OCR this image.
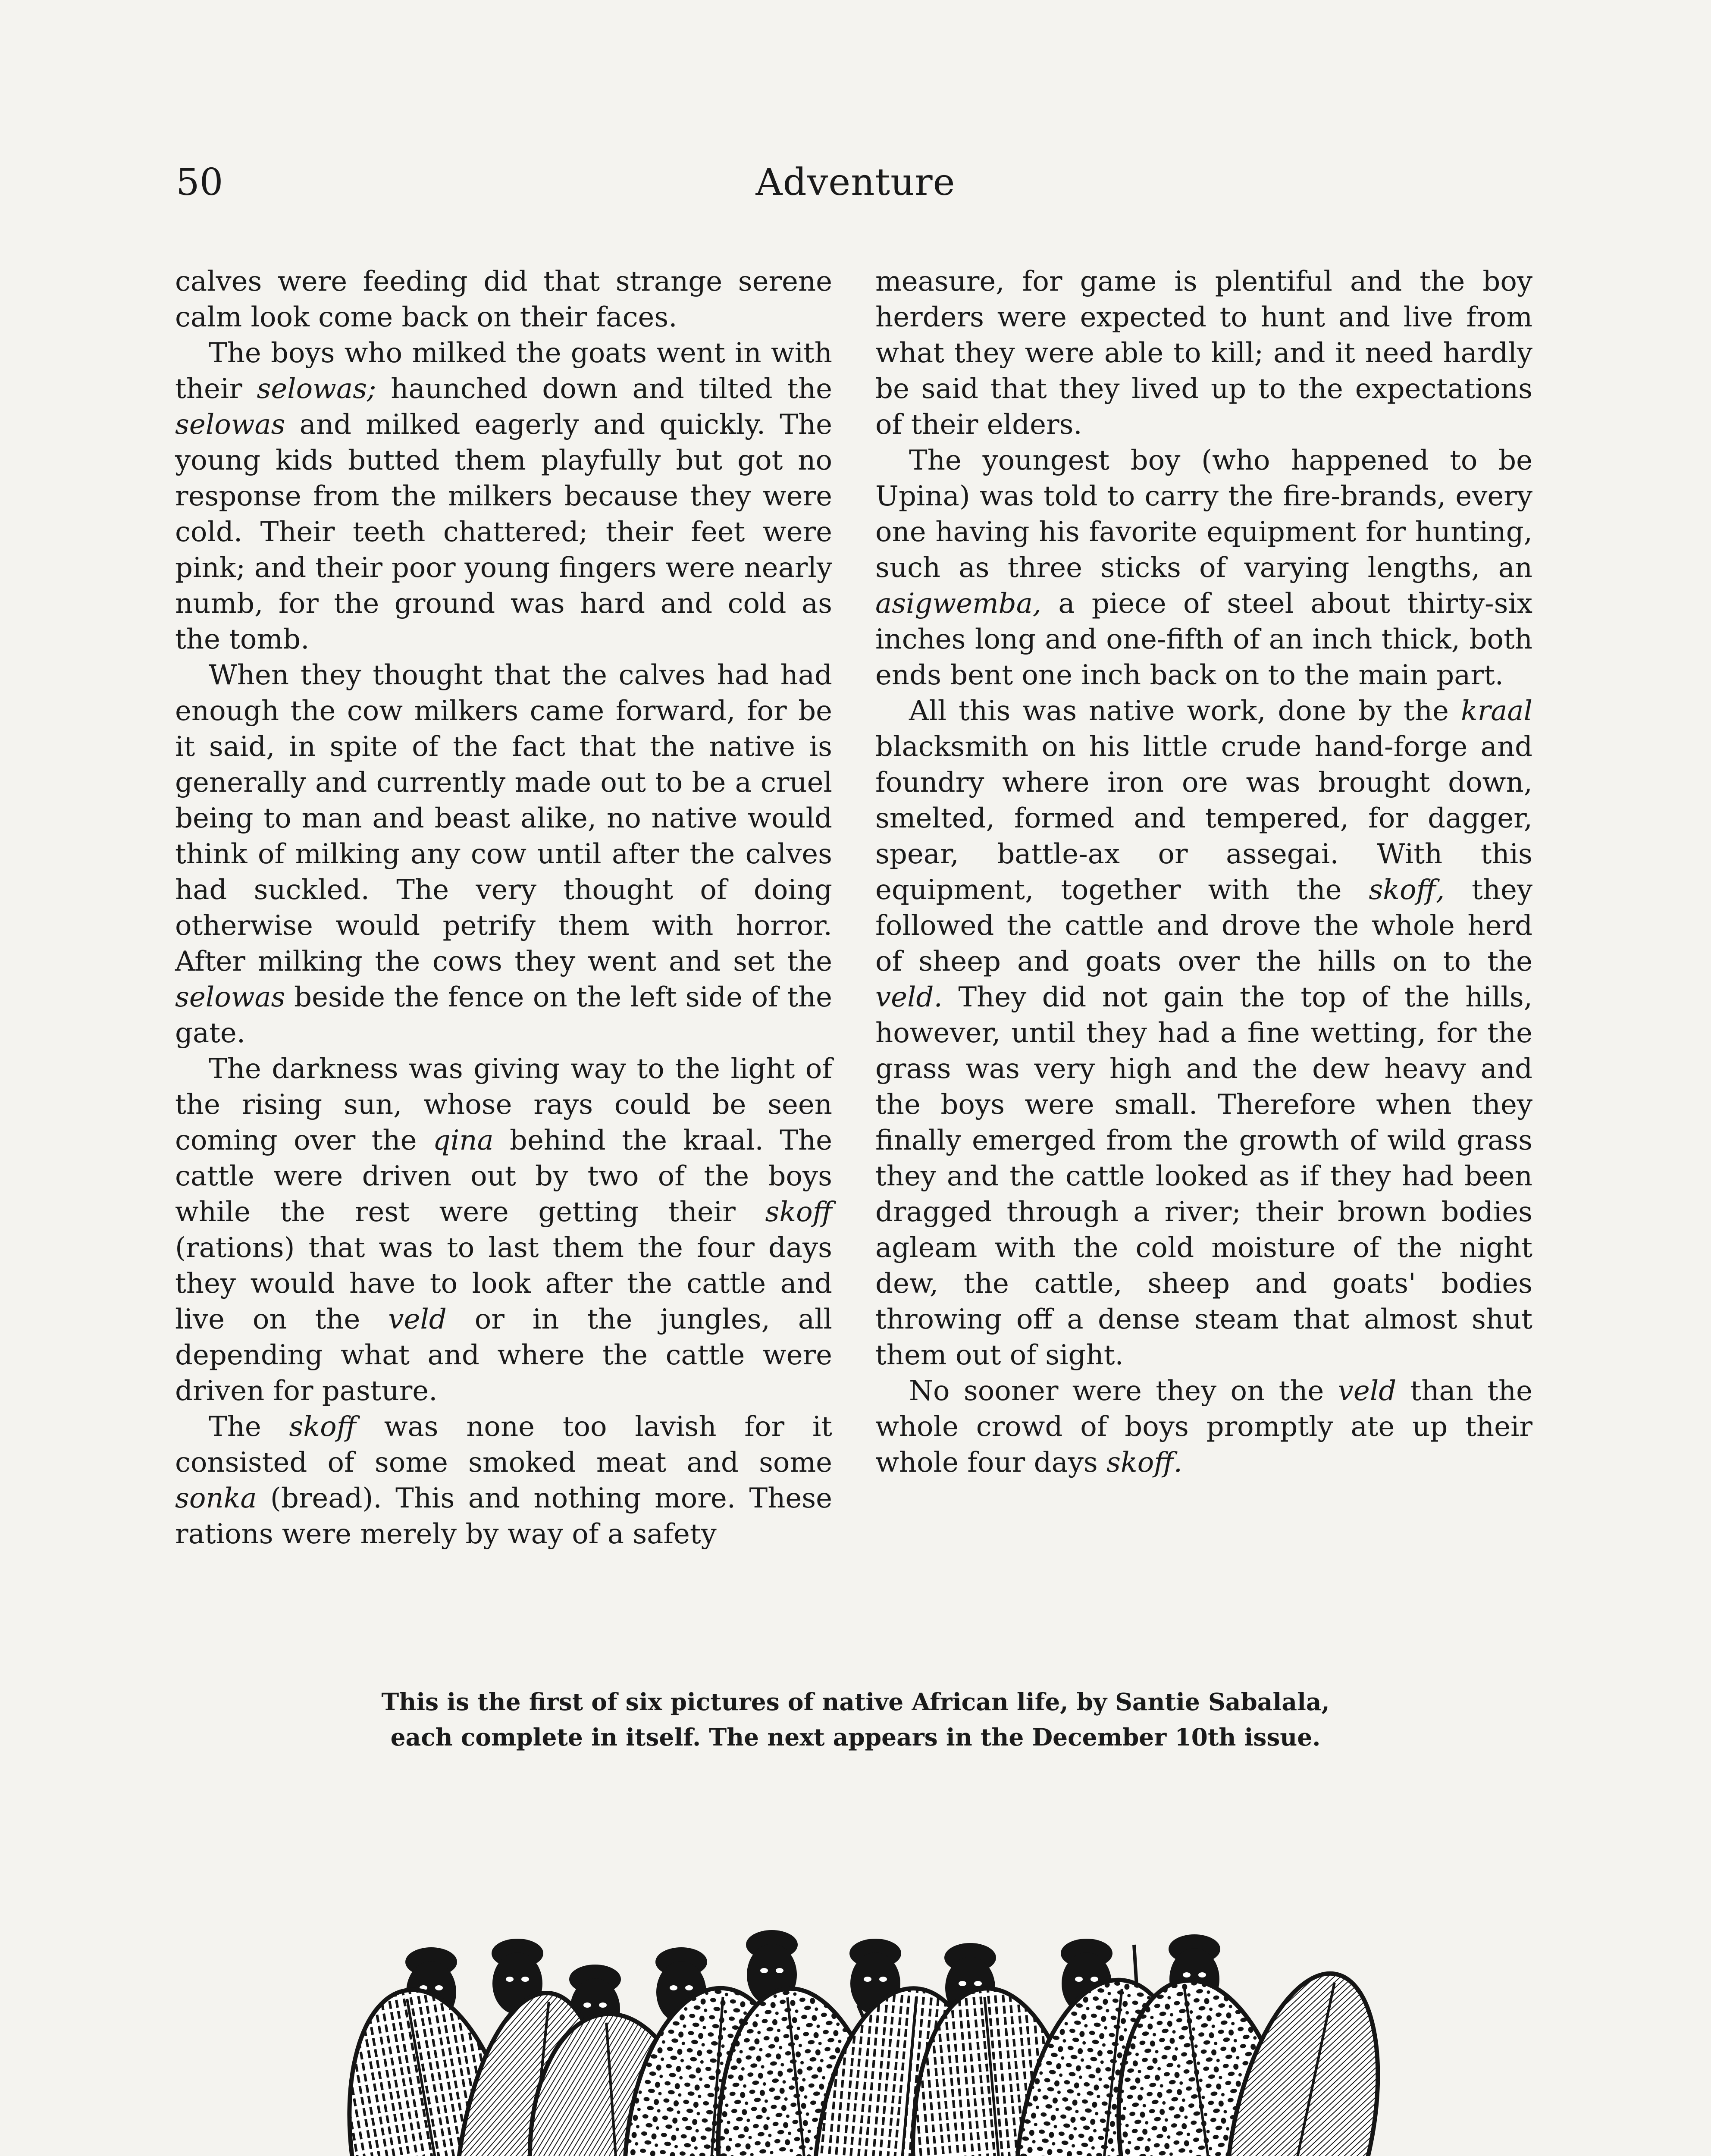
50	Adventure

calves were feeding did that strange serene calm look come back on their faces.

The boys who milked the goats went in with their selowas; haunched down and tilted the selowas and milked eagerly and quickly. The young kids butted them playfully but got no response from the milkers because they were cold. Their teeth chattered; their feet were pink; and their poor young fingers were nearly numb, for the ground was hard and cold as the tomb.

When they thought that the calves had had enough the cow milkers came forward, for be it said, in spite of the fact that the native is generally and currently made out to be a cruel being to man and beast alike, no native would think of milking any cow until after the calves had suckled. The very thought of doing otherwise would petrify them with horror. After milking the cows they went and set the selowas beside the fence on the left side of the gate.

The darkness was giving way to the light of the rising sun, whose rays could be seen coming over the qina behind the kraal. The cattle were driven out by two of the boys while the rest were getting their skoff (rations) that was to last them the four days they would have to look after the cattle and live on the veld or in the jungles, all depending what and where the cattle were driven for pasture.

The skoff was none too lavish for it consisted of some smoked meat and some sonka (bread). This and nothing more. These rations were merely by way of a safety

measure, for game is plentiful and the boy herders were expected to hunt and live from what they were able to kill; and it need hardly be said that they lived up to the expectations of their elders.

The youngest boy (who happened to be Upina) was told to carry the fire-brands, every one having his favorite equipment for hunting, such as three sticks of varying lengths, an asigwemba, a piece of steel about thirty-six inches long and one-fifth of an inch thick, both ends bent one inch back on to the main part.

All this was native work, done by the kraal blacksmith on his little crude hand-forge and foundry where iron ore was brought down, smelted, formed and tempered, for dagger, spear, battle-ax or assegai. With this equipment, together with the skoff, they followed the cattle and drove the whole herd of sheep and goats over the hills on to the veld. They did not gain the top of the hills, however, until they had a fine wetting, for the grass was very high and the dew heavy and the boys were small. Therefore when they finally emerged from the growth of wild grass they and the cattle looked as if they had been dragged through a river; their brown bodies agleam with the cold moisture of the night dew, the cattle, sheep and goats' bodies throwing off a dense steam that almost shut them out of sight.

No sooner were they on the veld than the whole crowd of boys promptly ate up their whole four days skoff.

This is the first of six pictures of native African life, by Santie Sabalala,
each complete in itself. The next appears in the December 10th issue.
